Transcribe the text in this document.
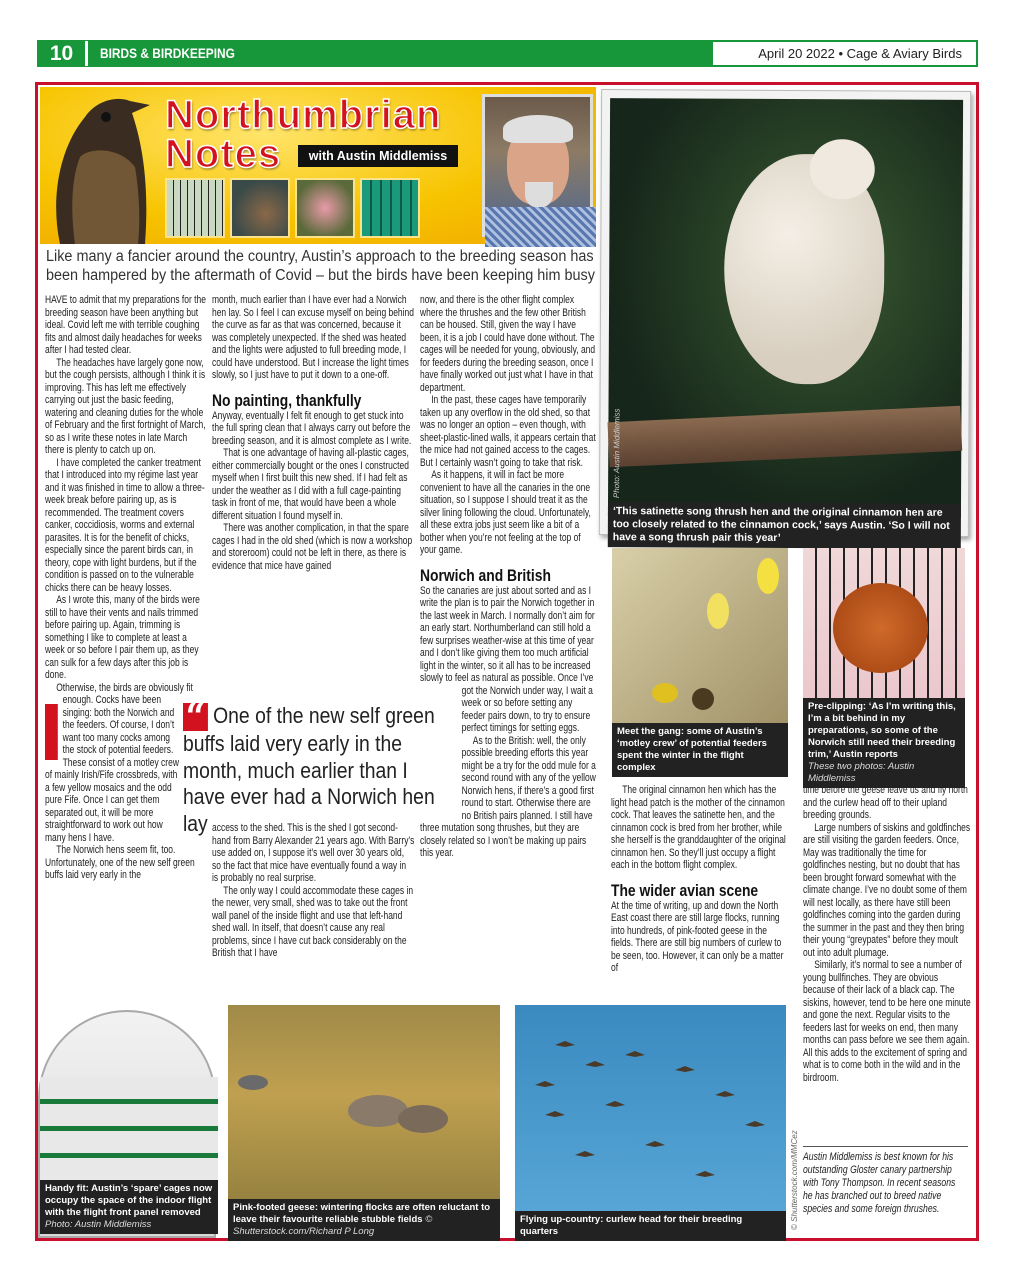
10	BIRDS & BIRDKEEPING	April 20 2022 • Cage & Aviary Birds
Northumbrian
Notes	with Austin Middlemiss
Like many a fancier around the country, Austin’s approach to the breeding season has been hampered by the aftermath of Covid – but the birds have been keeping him busy

I
HAVE to admit that my preparations for the breeding season have been anything but ideal. Covid left me with terrible coughing fits and almost daily headaches for weeks after I had tested clear.

The headaches have largely gone now, but the cough persists, although I think it is improving. This has left me effectively carrying out just the basic feeding, watering and cleaning duties for the whole of February and the first fortnight of March, so as I write these notes in late March there is plenty to catch up on.

I have completed the canker treatment that I introduced into my régime last year and it was finished in time to allow a three-week break before pairing up, as is recommended. The treatment covers canker, coccidiosis, worms and external parasites. It is for the benefit of chicks, especially since the parent birds can, in theory, cope with light burdens, but if the condition is passed on to the vulnerable chicks there can be heavy losses.

As I wrote this, many of the birds were still to have their vents and nails trimmed before pairing up. Again, trimming is something I like to complete at least a week or so before I pair them up, as they can sulk for a few days after this job is done.

Otherwise, the birds are obviously fit enough. Cocks have been singing: both the Norwich and the feeders. Of course, I don’t want too many cocks among the stock of potential feeders. These consist of a motley crew of mainly Irish/Fife crossbreds, with a few yellow mosaics and the odd pure Fife. Once I can get them separated out, it will be more straightforward to work out how many hens I have.

The Norwich hens seem fit, too. Unfortunately, one of the new self green buffs laid very early in the

month, much earlier than I have ever had a Norwich hen lay. So I feel I can excuse myself on being behind the curve as far as that was concerned, because it was completely unexpected. If the shed was heated and the lights were adjusted to full breeding mode, I could have understood. But I increase the light times slowly, so I just have to put it down to a one-off.

No painting, thankfully

Anyway, eventually I felt fit enough to get stuck into the full spring clean that I always carry out before the breeding season, and it is almost complete as I write.

That is one advantage of having all-plastic cages, either commercially bought or the ones I constructed myself when I first built this new shed. If I had felt as under the weather as I did with a full cage-painting task in front of me, that would have been a whole different situation I found myself in.

There was another complication, in that the spare cages I had in the old shed (which is now a workshop and storeroom) could not be left in there, as there is evidence that mice have gained

access to the shed. This is the shed I got second-hand from Barry Alexander 21 years ago. With Barry’s use added on, I suppose it’s well over 30 years old, so the fact that mice have eventually found a way in is probably no real surprise.

The only way I could accommodate these cages in the newer, very small, shed was to take out the front wall panel of the inside flight and use that left-hand shed wall. In itself, that doesn’t cause any real problems, since I have cut back considerably on the British that I have

now, and there is the other flight complex where the thrushes and the few other British can be housed. Still, given the way I have been, it is a job I could have done without. The cages will be needed for young, obviously, and for feeders during the breeding season, once I have finally worked out just what I have in that department.

In the past, these cages have temporarily taken up any overflow in the old shed, so that was no longer an option – even though, with sheet-plastic-lined walls, it appears certain that the mice had not gained access to the cages. But I certainly wasn’t going to take that risk.

As it happens, it will in fact be more convenient to have all the canaries in the one situation, so I suppose I should treat it as the silver lining following the cloud. Unfortunately, all these extra jobs just seem like a bit of a bother when you’re not feeling at the top of your game.

Norwich and British

So the canaries are just about sorted and as I write the plan is to pair the Norwich together in the last week in March. I normally don’t aim for an early start. Northumberland can still hold a few surprises weather-wise at this time of year and I don’t like giving them too much artificial light in the winter, so it all has to be increased slowly to feel as natural as possible. Once I’ve got the Norwich under way, I wait a week or so before setting any feeder pairs down, to try to ensure perfect timings for setting eggs.

As to the British: well, the only possible breeding efforts this year might be a try for the odd mule for a second round with any of the yellow Norwich hens, if there’s a good first round to start. Otherwise there are no British pairs planned. I still have three mutation song thrushes, but they are closely related so I won’t be making up pairs this year.

“ One of the new self green buffs laid very early in the month, much earlier than I have ever had a Norwich hen lay
Photo: Austin Middlemiss
‘This satinette song thrush hen and the original cinnamon hen are too closely related to the cinnamon cock,’ says Austin. ‘So I will not have a song thrush pair this year’
Meet the gang: some of Austin’s ‘motley crew’ of potential feeders spent the winter in the flight complex
Pre-clipping: ‘As I’m writing this, I’m a bit behind in my preparations, so some of the Norwich still need their breeding trim,’ Austin reports
These two photos: Austin Middlemiss

The original cinnamon hen which has the light head patch is the mother of the cinnamon cock. That leaves the satinette hen, and the cinnamon cock is bred from her brother, while she herself is the granddaughter of the original cinnamon hen. So they’ll just occupy a flight each in the bottom flight complex.

The wider avian scene

At the time of writing, up and down the North East coast there are still large flocks, running into hundreds, of pink-footed geese in the fields. There are still big numbers of curlew to be seen, too. However, it can only be a matter of

time before the geese leave us and fly north and the curlew head off to their upland breeding grounds.

Large numbers of siskins and goldfinches are still visiting the garden feeders. Once, May was traditionally the time for goldfinches nesting, but no doubt that has been brought forward somewhat with the climate change. I’ve no doubt some of them will nest locally, as there have still been goldfinches coming into the garden during the summer in the past and they then bring their young “greypates” before they moult out into adult plumage.

Similarly, it’s normal to see a number of young bullfinches. They are obvious because of their lack of a black cap. The siskins, however, tend to be here one minute and gone the next. Regular visits to the feeders last for weeks on end, then many months can pass before we see them again. All this adds to the excitement of spring and what is to come both in the wild and in the birdroom.

Austin Middlemiss is best known for his outstanding Gloster canary partnership with Tony Thompson. In recent seasons he has branched out to breed native species and some foreign thrushes.
© Shutterstock.com/MMCez
Handy fit: Austin’s ‘spare’ cages now occupy the space of the indoor flight with the flight front panel removed
Photo: Austin Middlemiss
Pink-footed geese: wintering flocks are often reluctant to leave their favourite reliable stubble fields © Shutterstock.com/Richard P Long
Flying up-country: curlew head for their breeding quarters
